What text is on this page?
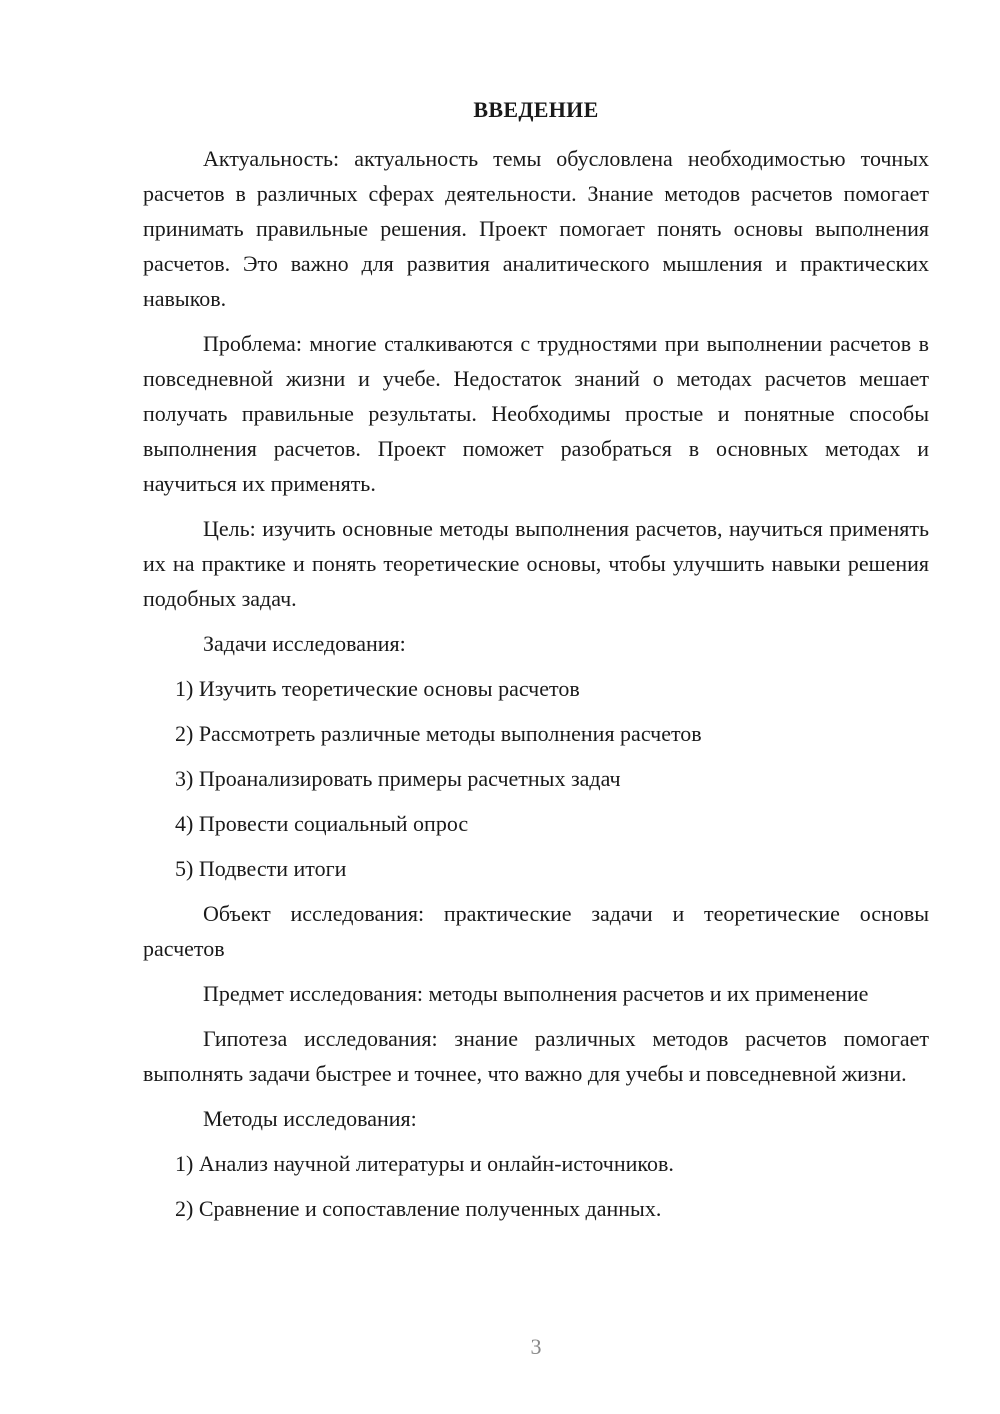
ВВЕДЕНИЕ

Актуальность: актуальность темы обусловлена необходимостью точных расчетов в различных сферах деятельности. Знание методов расчетов помогает принимать правильные решения. Проект помогает понять основы выполнения расчетов. Это важно для развития аналитического мышления и практических навыков.

Проблема: многие сталкиваются с трудностями при выполнении расчетов в повседневной жизни и учебе. Недостаток знаний о методах расчетов мешает получать правильные результаты. Необходимы простые и понятные способы выполнения расчетов. Проект поможет разобраться в основных методах и научиться их применять.

Цель: изучить основные методы выполнения расчетов, научиться применять их на практике и понять теоретические основы, чтобы улучшить навыки решения подобных задач.

Задачи исследования:

1) Изучить теоретические основы расчетов

2) Рассмотреть различные методы выполнения расчетов

3) Проанализировать примеры расчетных задач

4) Провести социальный опрос

5) Подвести итоги

Объект исследования: практические задачи и теоретические основы расчетов

Предмет исследования: методы выполнения расчетов и их применение

Гипотеза исследования: знание различных методов расчетов помогает выполнять задачи быстрее и точнее, что важно для учебы и повседневной жизни.

Методы исследования:

1) Анализ научной литературы и онлайн-источников.

2) Сравнение и сопоставление полученных данных.

3
